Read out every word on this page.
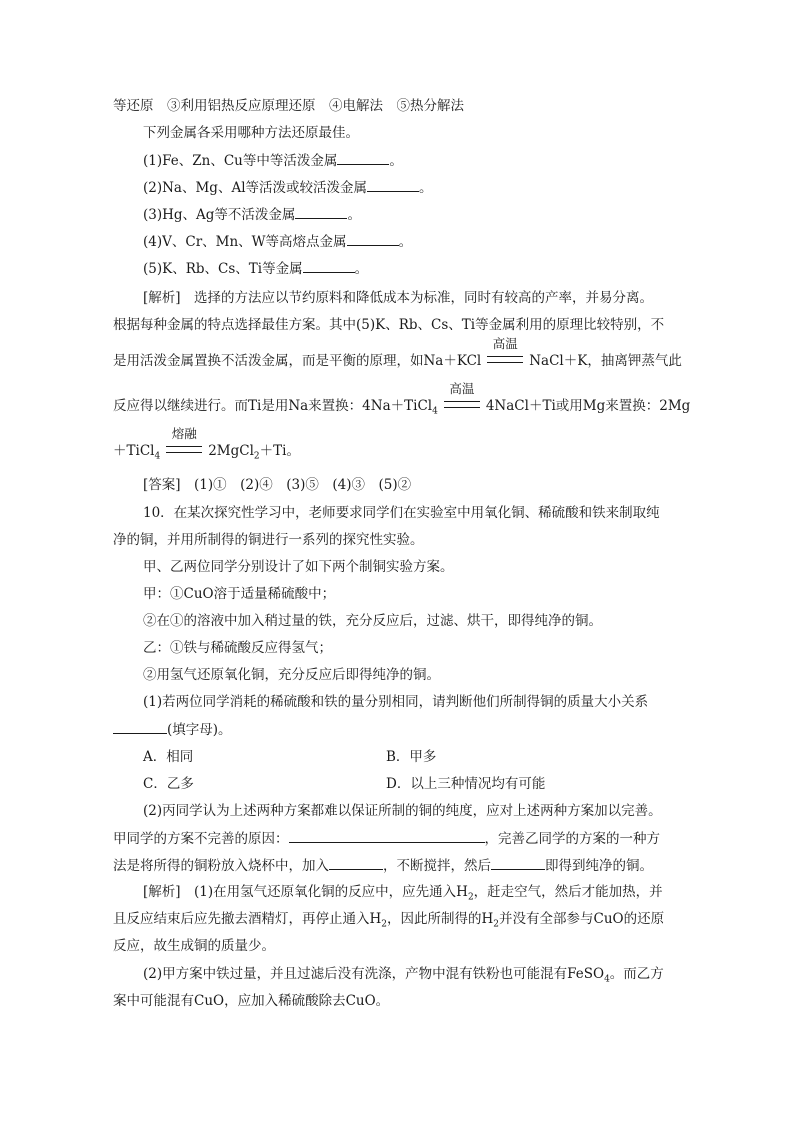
等还原　③利用铝热反应原理还原　④电解法　⑤热分解法
下列金属各采用哪种方法还原最佳。
(1)Fe、Zn、Cu等中等活泼金属	。
(2)Na、Mg、Al等活泼或较活泼金属	。
(3)Hg、Ag等不活泼金属	。
(4)V、Cr、Mn、W等高熔点金属	。
(5)K、Rb、Cs、Ti等金属	。
[解析]　选择的方法应以节约原料和降低成本为标准，同时有较高的产率，并易分离。
根据每种金属的特点选择最佳方案。其中(5)K、Rb、Cs、Ti等金属利用的原理比较特别，不
是用活泼金属置换不活泼金属，而是平衡的原理，如Na＋KCl
高温
NaCl＋K，抽离钾蒸气此
反应得以继续进行。而Ti是用Na来置换：4Na＋TiCl$_4$
高温
4NaCl＋Ti或用Mg来置换：2Mg
＋TiCl$_4$
熔融
2MgCl$_2$＋Ti。
[答案]　(1)①　(2)④　(3)⑤　(4)③　(5)②
10．在某次探究性学习中，老师要求同学们在实验室中用氧化铜、稀硫酸和铁来制取纯
净的铜，并用所制得的铜进行一系列的探究性实验。
甲、乙两位同学分别设计了如下两个制铜实验方案。
甲：①CuO溶于适量稀硫酸中；
②在①的溶液中加入稍过量的铁，充分反应后，过滤、烘干，即得纯净的铜。
乙：①铁与稀硫酸反应得氢气；
②用氢气还原氧化铜，充分反应后即得纯净的铜。
(1)若两位同学消耗的稀硫酸和铁的量分别相同，请判断他们所制得铜的质量大小关系
(填字母)。
A．相同	B．甲多
C．乙多	D．以上三种情况均有可能
(2)丙同学认为上述两种方案都难以保证所制的铜的纯度，应对上述两种方案加以完善。
甲同学的方案不完善的原因：	，完善乙同学的方案的一种方
法是将所得的铜粉放入烧杯中，加入	，不断搅拌，然后	即得到纯净的铜。
[解析]　(1)在用氢气还原氧化铜的反应中，应先通入$H_2$，赶走空气，然后才能加热，并
且反应结束后应先撤去酒精灯，再停止通入$H_2$，因此所制得的$H_2$并没有全部参与CuO的还原
反应，故生成铜的质量少。
(2)甲方案中铁过量，并且过滤后没有洗涤，产物中混有铁粉也可能混有FeSO$_4$。而乙方
案中可能混有CuO，应加入稀硫酸除去CuO。
